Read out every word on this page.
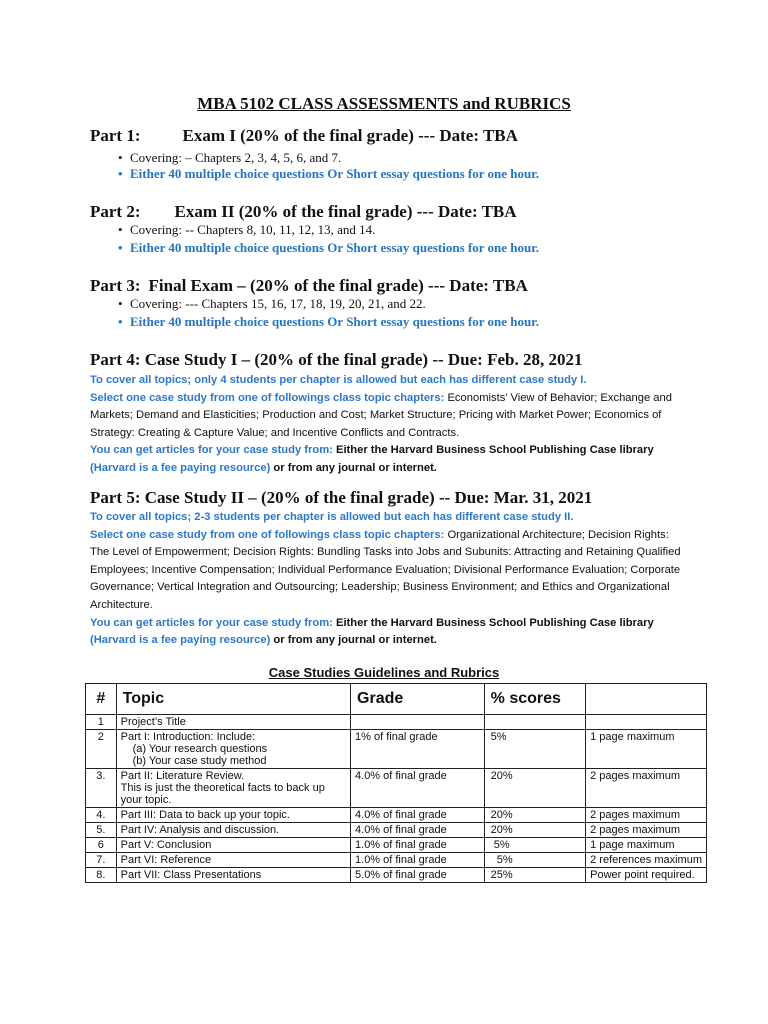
MBA 5102 CLASS ASSESSMENTS and RUBRICS
Part 1: Exam I (20% of the final grade) --- Date: TBA
• Covering: – Chapters 2, 3, 4, 5, 6, and 7.
• Either 40 multiple choice questions Or Short essay questions for one hour.
Part 2: Exam II (20% of the final grade) --- Date: TBA
• Covering: -- Chapters 8, 10, 11, 12, 13, and 14.
• Either 40 multiple choice questions Or Short essay questions for one hour.
Part 3: Final Exam – (20% of the final grade) --- Date: TBA
• Covering: --- Chapters 15, 16, 17, 18, 19, 20, 21, and 22.
• Either 40 multiple choice questions Or Short essay questions for one hour.
Part 4: Case Study I – (20% of the final grade) -- Due: Feb. 28, 2021
To cover all topics; only 4 students per chapter is allowed but each has different case study I.
Select one case study from one of followings class topic chapters: Economists’ View of Behavior; Exchange and Markets; Demand and Elasticities; Production and Cost; Market Structure; Pricing with Market Power; Economics of Strategy: Creating & Capture Value; and Incentive Conflicts and Contracts.
You can get articles for your case study from: Either the Harvard Business School Publishing Case library (Harvard is a fee paying resource) or from any journal or internet.
Part 5: Case Study II – (20% of the final grade) -- Due: Mar. 31, 2021
To cover all topics; 2-3 students per chapter is allowed but each has different case study II.
Select one case study from one of followings class topic chapters: Organizational Architecture; Decision Rights: The Level of Empowerment; Decision Rights: Bundling Tasks into Jobs and Subunits: Attracting and Retaining Qualified Employees; Incentive Compensation; Individual Performance Evaluation; Divisional Performance Evaluation; Corporate Governance; Vertical Integration and Outsourcing; Leadership; Business Environment; and Ethics and Organizational Architecture.
You can get articles for your case study from: Either the Harvard Business School Publishing Case library (Harvard is a fee paying resource) or from any journal or internet.
Case Studies Guidelines and Rubrics
#	Topic	Grade	% scores	
1	Project’s Title			

2	Part I: Introduction: Include:
(a) Your research questions
(b) Your case study method	1% of final grade	5%	1 page maximum
3.	Part II: Literature Review.
This is just the theoretical facts to back up your topic.	4.0% of final grade	20%	2 pages maximum
4.	Part III: Data to back up your topic.	4.0% of final grade	20%	2 pages maximum
5.	Part IV: Analysis and discussion.	4.0% of final grade	20%	2 pages maximum
6	Part V: Conclusion	1.0% of final grade	5%	1 page maximum
7.	Part VI: Reference	1.0% of final grade	5%	2 references maximum
8.	Part VII: Class Presentations	5.0% of final grade	25%	Power point required.
